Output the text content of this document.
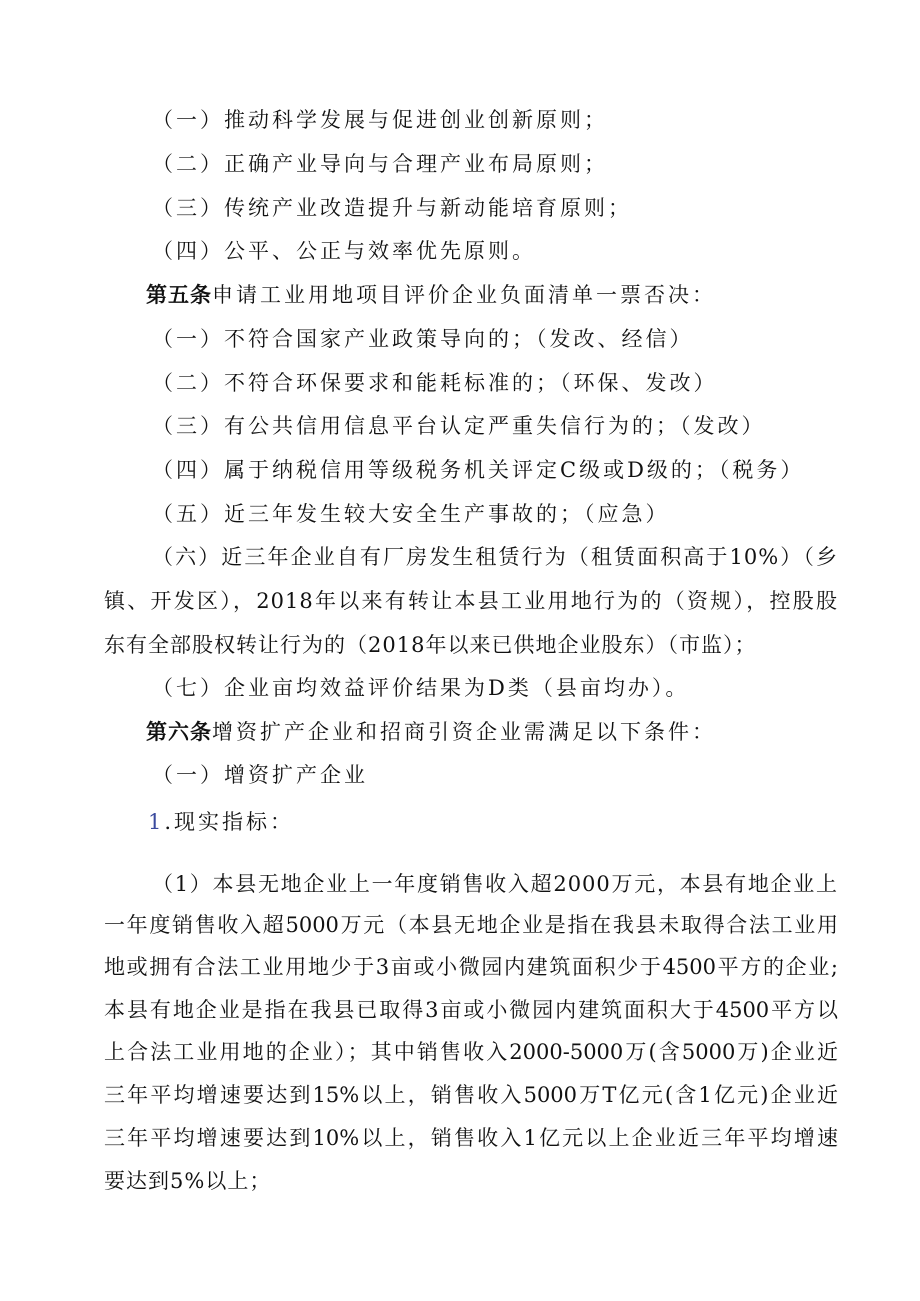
（一）推动科学发展与促进创业创新原则；

（二）正确产业导向与合理产业布局原则；

（三）传统产业改造提升与新动能培育原则；

（四）公平、公正与效率优先原则。

第五条申请工业用地项目评价企业负面清单一票否决：

（一）不符合国家产业政策导向的；（发改、经信）

（二）不符合环保要求和能耗标准的；（环保、发改）

（三）有公共信用信息平台认定严重失信行为的；（发改）

（四）属于纳税信用等级税务机关评定C级或D级的；（税务）

（五）近三年发生较大安全生产事故的；（应急）

（六）近三年企业自有厂房发生租赁行为（租赁面积高于10%）（乡

镇、开发区），2018年以来有转让本县工业用地行为的（资规），控股股

东有全部股权转让行为的（2018年以来已供地企业股东）（市监）；

（七）企业亩均效益评价结果为D类（县亩均办）。

第六条增资扩产企业和招商引资企业需满足以下条件：

（一）增资扩产企业

1.现实指标：

（1）本县无地企业上一年度销售收入超2000万元，本县有地企业上

一年度销售收入超5000万元（本县无地企业是指在我县未取得合法工业用

地或拥有合法工业用地少于3亩或小微园内建筑面积少于4500平方的企业;

本县有地企业是指在我县已取得3亩或小微园内建筑面积大于4500平方以

上合法工业用地的企业）；其中销售收入2000-5000万(含5000万)企业近

三年平均增速要达到15%以上，销售收入5000万T亿元(含1亿元)企业近

三年平均增速要达到10%以上，销售收入1亿元以上企业近三年平均增速

要达到5%以上；
